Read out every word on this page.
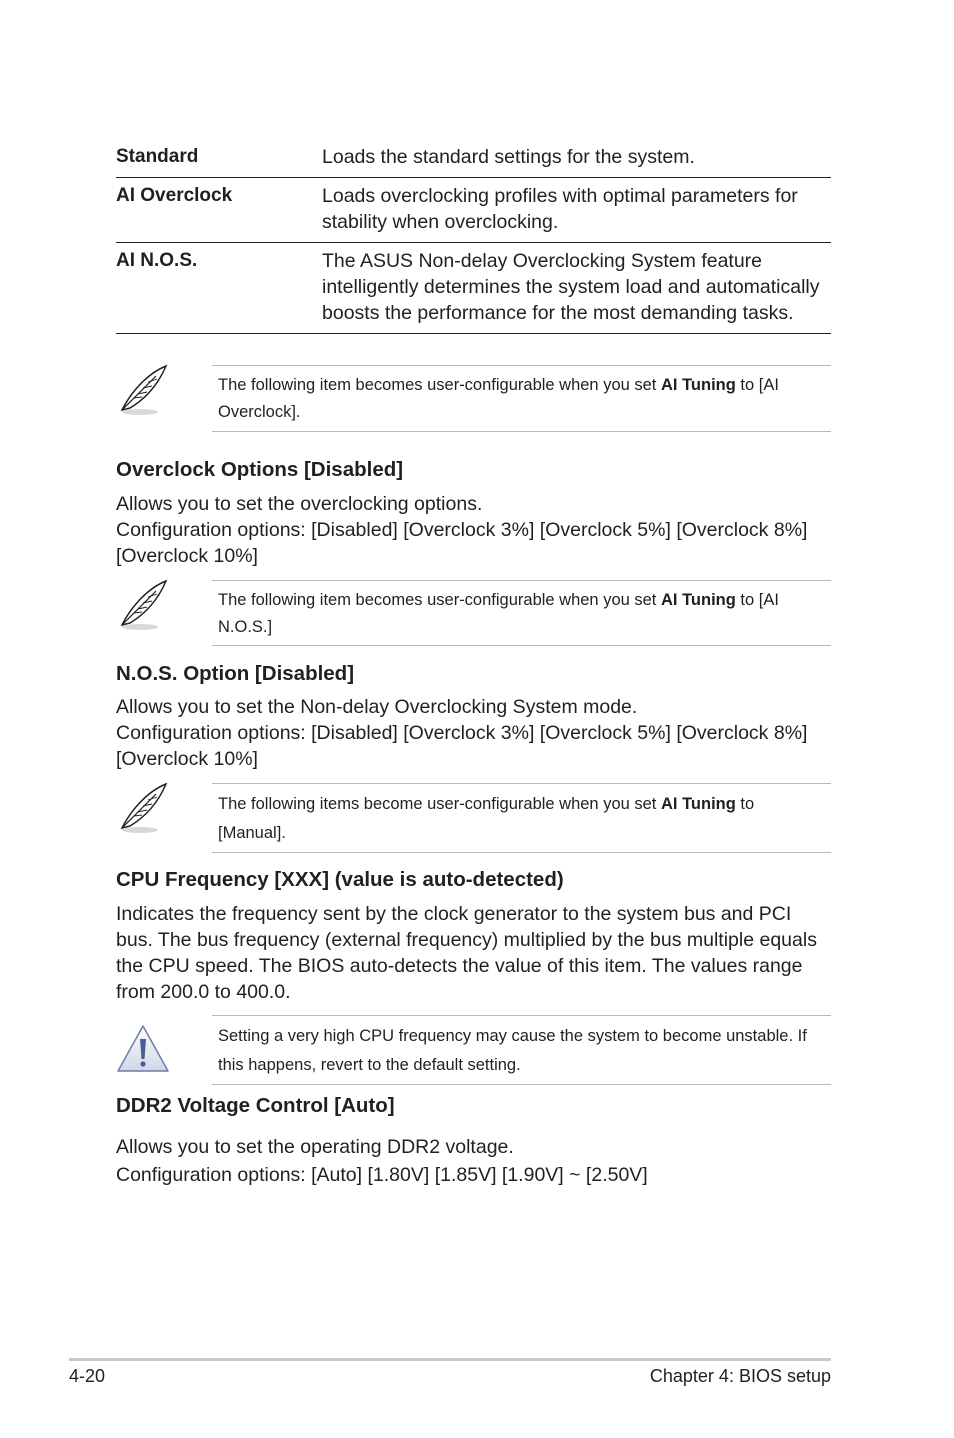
Standard	Loads the standard settings for the system.
AI Overclock	Loads overclocking profiles with optimal parameters for stability when overclocking.
AI N.O.S.	The ASUS Non-delay Overclocking System feature intelligently determines the system load and automatically boosts the performance for the most demanding tasks.
The following item becomes user-configurable when you set AI Tuning to [AI Overclock].
Overclock Options [Disabled]
Allows you to set the overclocking options.
Configuration options: [Disabled] [Overclock 3%] [Overclock 5%] [Overclock 8%] [Overclock 10%]
The following item becomes user-configurable when you set AI Tuning to [AI N.O.S.]
N.O.S. Option [Disabled]
Allows you to set the Non-delay Overclocking System mode.
Configuration options: [Disabled] [Overclock 3%] [Overclock 5%] [Overclock 8%] [Overclock 10%]
The following items become user-configurable when you set AI Tuning to [Manual].
CPU Frequency [XXX] (value is auto-detected)
Indicates the frequency sent by the clock generator to the system bus and PCI bus. The bus frequency (external frequency) multiplied by the bus multiple equals the CPU speed. The BIOS auto-detects the value of this item. The values range from 200.0 to 400.0.
Setting a very high CPU frequency may cause the system to become unstable. If this happens, revert to the default setting.
DDR2 Voltage Control [Auto]
Allows you to set the operating DDR2 voltage.
Configuration options: [Auto] [1.80V] [1.85V] [1.90V] ~ [2.50V]
4-20	Chapter 4: BIOS setup
